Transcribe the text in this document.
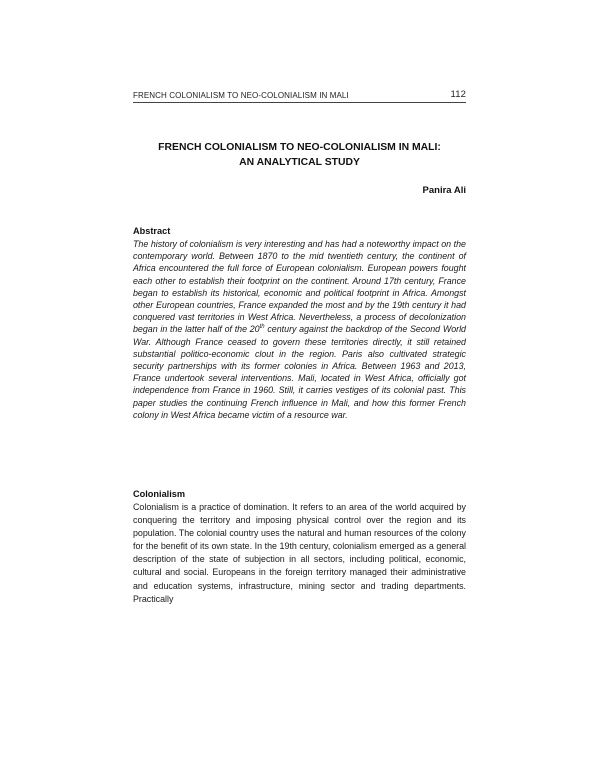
FRENCH COLONIALISM TO NEO-COLONIALISM IN MALI	112
FRENCH COLONIALISM TO NEO-COLONIALISM IN MALI:
AN ANALYTICAL STUDY
Panira Ali
Abstract

The history of colonialism is very interesting and has had a noteworthy impact on the contemporary world. Between 1870 to the mid twentieth century, the continent of Africa encountered the full force of European colonialism. European powers fought each other to establish their footprint on the continent. Around 17th century, France began to establish its historical, economic and political footprint in Africa. Amongst other European countries, France expanded the most and by the 19th century it had conquered vast territories in West Africa. Nevertheless, a process of decolonization began in the latter half of the 20th century against the backdrop of the Second World War. Although France ceased to govern these territories directly, it still retained substantial politico-economic clout in the region. Paris also cultivated strategic security partnerships with its former colonies in Africa. Between 1963 and 2013, France undertook several interventions. Mali, located in West Africa, officially got independence from France in 1960. Still, it carries vestiges of its colonial past. This paper studies the continuing French influence in Mali, and how this former French colony in West Africa became victim of a resource war.

Colonialism

Colonialism is a practice of domination. It refers to an area of the world acquired by conquering the territory and imposing physical control over the region and its population. The colonial country uses the natural and human resources of the colony for the benefit of its own state. In the 19th century, colonialism emerged as a general description of the state of subjection in all sectors, including political, economic, cultural and social. Europeans in the foreign territory managed their administrative and education systems, infrastructure, mining sector and trading departments. Practically
